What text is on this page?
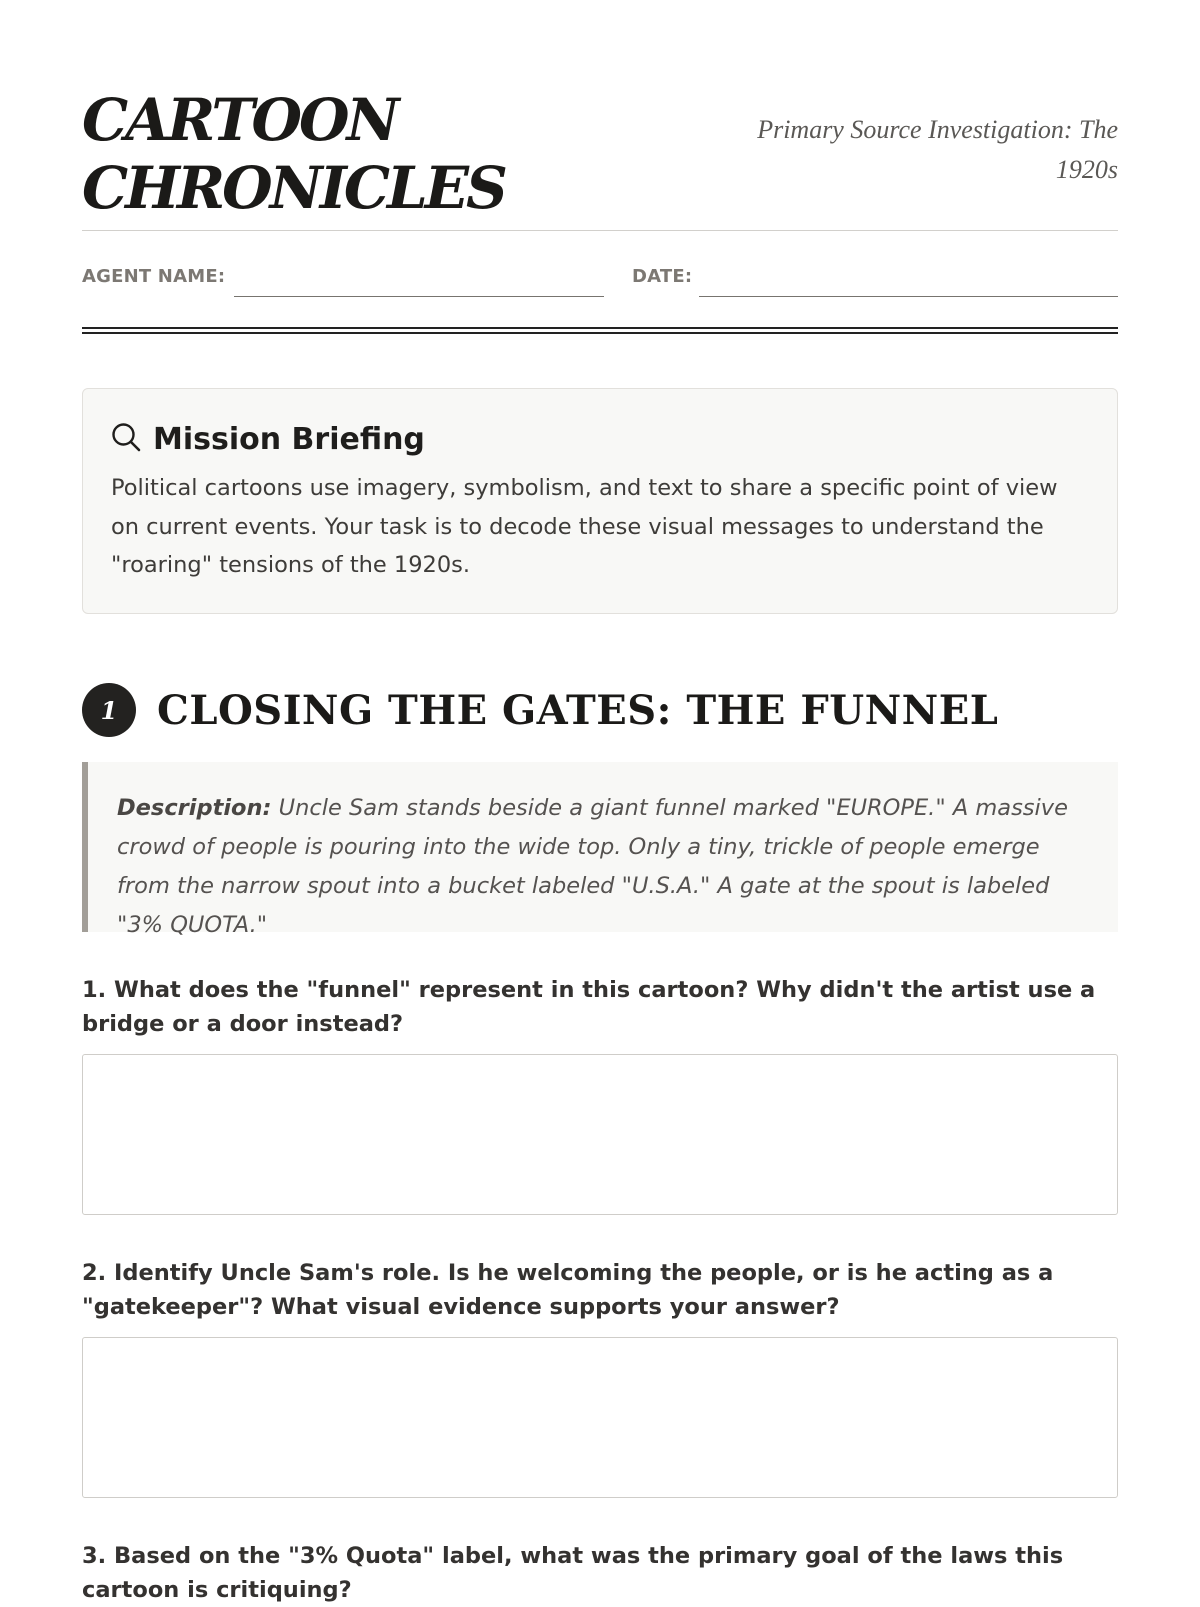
CARTOON
CHRONICLES
Primary Source Investigation: The 1920s
AGENT NAME:	DATE:
Mission Briefing
Political cartoons use imagery, symbolism, and text to share a specific point of view on current events. Your task is to decode these visual messages to understand the "roaring" tensions of the 1920s.
1 CLOSING THE GATES: THE FUNNEL
Description: Uncle Sam stands beside a giant funnel marked "EUROPE." A massive crowd of people is pouring into the wide top. Only a tiny, trickle of people emerge from the narrow spout into a bucket labeled "U.S.A." A gate at the spout is labeled "3% QUOTA."
1. What does the "funnel" represent in this cartoon? Why didn't the artist use a bridge or a door instead?
2. Identify Uncle Sam's role. Is he welcoming the people, or is he acting as a "gatekeeper"? What visual evidence supports your answer?
3. Based on the "3% Quota" label, what was the primary goal of the laws this cartoon is critiquing?
